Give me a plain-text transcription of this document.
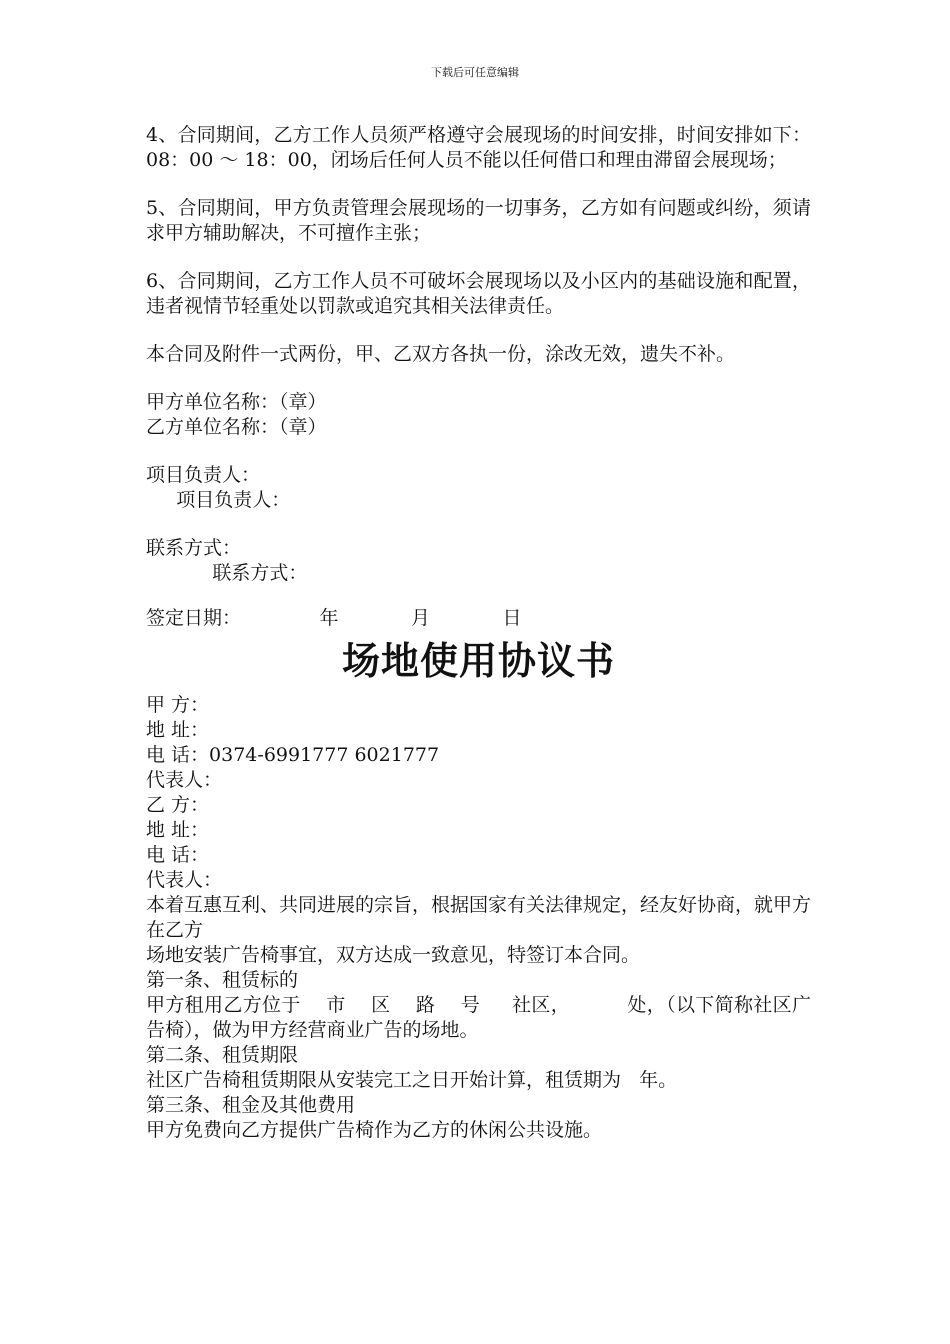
下载后可任意编辑

4、合同期间，乙方工作人员须严格遵守会展现场的时间安排，时间安排如下：08：00 ～ 18：00，闭场后任何人员不能以任何借口和理由滞留会展现场；

5、合同期间，甲方负责管理会展现场的一切事务，乙方如有问题或纠纷，须请求甲方辅助解决，不可擅作主张；

6、合同期间，乙方工作人员不可破坏会展现场以及小区内的基础设施和配置，违者视情节轻重处以罚款或追究其相关法律责任。

本合同及附件一式两份，甲、乙双方各执一份，涂改无效，遗失不补。

甲方单位名称：（章）

乙方单位名称：（章）

项目负责人：

项目负责人：

联系方式：

联系方式：

签定日期：             年            月            日

场地使用协议书

甲 方：

地 址：

电 话：0374-6991777 6021777

代表人：

乙 方：

地 址：

电 话：

代表人：

本着互惠互利、共同进展的宗旨，根据国家有关法律规定，经友好协商，就甲方在乙方

场地安装广告椅事宜，双方达成一致意见，特签订本合同。

第一条、租赁标的

甲方租用乙方位于    市    区    路    号     社区，         处，（以下简称社区广告椅），做为甲方经营商业广告的场地。

第二条、租赁期限

社区广告椅租赁期限从安装完工之日开始计算，租赁期为   年。

第三条、租金及其他费用

甲方免费向乙方提供广告椅作为乙方的休闲公共设施。
